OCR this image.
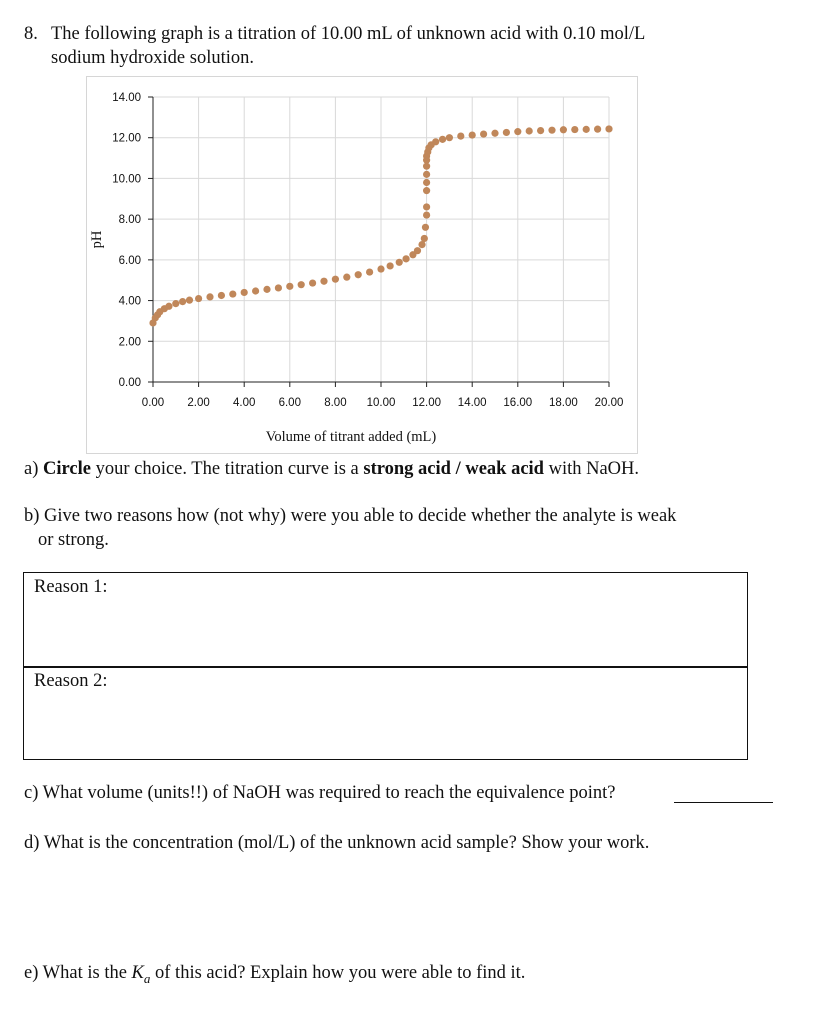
8. The following graph is a titration of 10.00 mL of unknown acid with 0.10 mol/L
sodium hydroxide solution.
0.00
2.00
4.00
6.00
8.00
10.00
12.00
14.00
0.00 2.00 4.00 6.00 8.00 10.00 12.00 14.00 16.00 18.00 20.00
pH
Volume of titrant added (mL)
a) Circle your choice. The titration curve is a strong acid / weak acid with NaOH.
b) Give two reasons how (not why) were you able to decide whether the analyte is weak
or strong.
Reason 1:
Reason 2:
c) What volume (units!!) of NaOH was required to reach the equivalence point?
d) What is the concentration (mol/L) of the unknown acid sample? Show your work.
e) What is the $K_a$ of this acid? Explain how you were able to find it.
